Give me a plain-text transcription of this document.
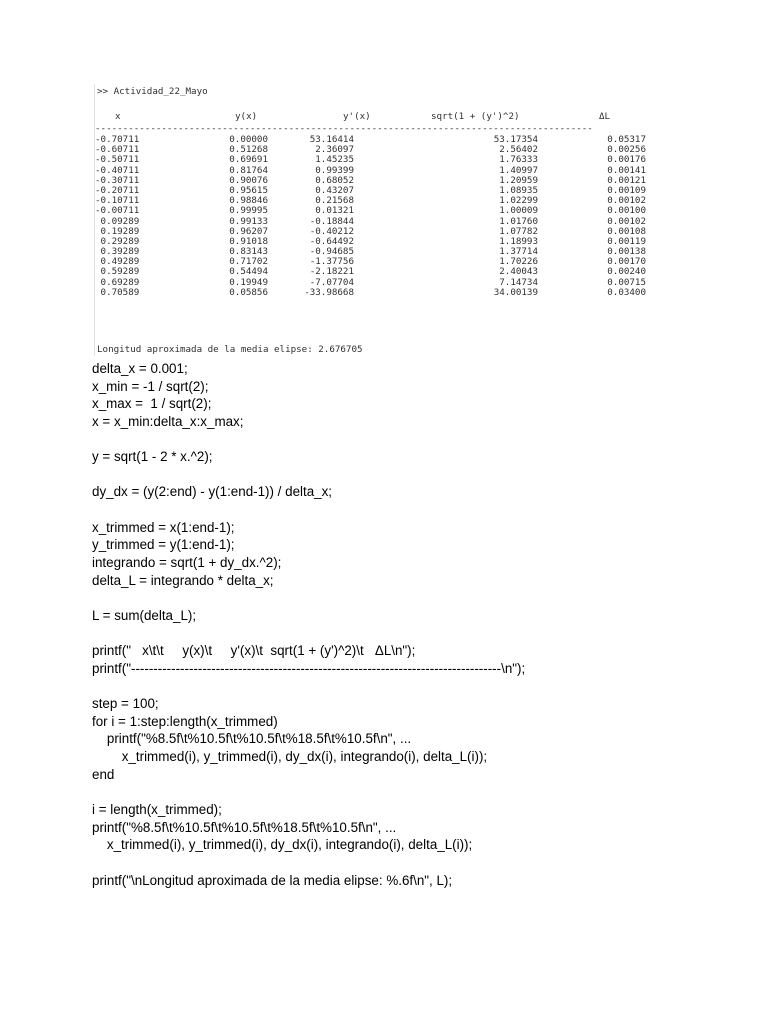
>> Actividad_22_Mayo
x	y(x)	y'(x)	sqrt(1 + (y')^2)	ΔL
------------------------------------------------------------------------------------------
-0.70711	0.00000	53.16414	53.17354	0.05317
-0.60711	0.51268	2.36097	2.56402	0.00256
-0.50711	0.69691	1.45235	1.76333	0.00176
-0.40711	0.81764	0.99399	1.40997	0.00141
-0.30711	0.90076	0.68052	1.20959	0.00121
-0.20711	0.95615	0.43207	1.08935	0.00109
-0.10711	0.98846	0.21568	1.02299	0.00102
-0.00711	0.99995	0.01321	1.00009	0.00100
0.09289	0.99133	-0.18844	1.01760	0.00102
0.19289	0.96207	-0.40212	1.07782	0.00108
0.29289	0.91018	-0.64492	1.18993	0.00119
0.39289	0.83143	-0.94685	1.37714	0.00138
0.49289	0.71702	-1.37756	1.70226	0.00170
0.59289	0.54494	-2.18221	2.40043	0.00240
0.69289	0.19949	-7.07704	7.14734	0.00715
0.70589	0.05856	-33.98668	34.00139	0.03400
Longitud aproximada de la media elipse: 2.676705
delta_x = 0.001;
x_min = -1 / sqrt(2);
x_max =  1 / sqrt(2);
x = x_min:delta_x:x_max;
y = sqrt(1 - 2 * x.^2);
dy_dx = (y(2:end) - y(1:end-1)) / delta_x;
x_trimmed = x(1:end-1);
y_trimmed = y(1:end-1);
integrando = sqrt(1 + dy_dx.^2);
delta_L = integrando * delta_x;
L = sum(delta_L);
printf("   x\t\t     y(x)\t     y'(x)\t  sqrt(1 + (y')^2)\t   ΔL\n");
printf("-----------------------------------------------------------------------------------\n");
step = 100;
for i = 1:step:length(x_trimmed)
printf("%8.5f\t%10.5f\t%10.5f\t%18.5f\t%10.5f\n", ...
x_trimmed(i), y_trimmed(i), dy_dx(i), integrando(i), delta_L(i));
end
i = length(x_trimmed);
printf("%8.5f\t%10.5f\t%10.5f\t%18.5f\t%10.5f\n", ...
x_trimmed(i), y_trimmed(i), dy_dx(i), integrando(i), delta_L(i));
printf("\nLongitud aproximada de la media elipse: %.6f\n", L);
